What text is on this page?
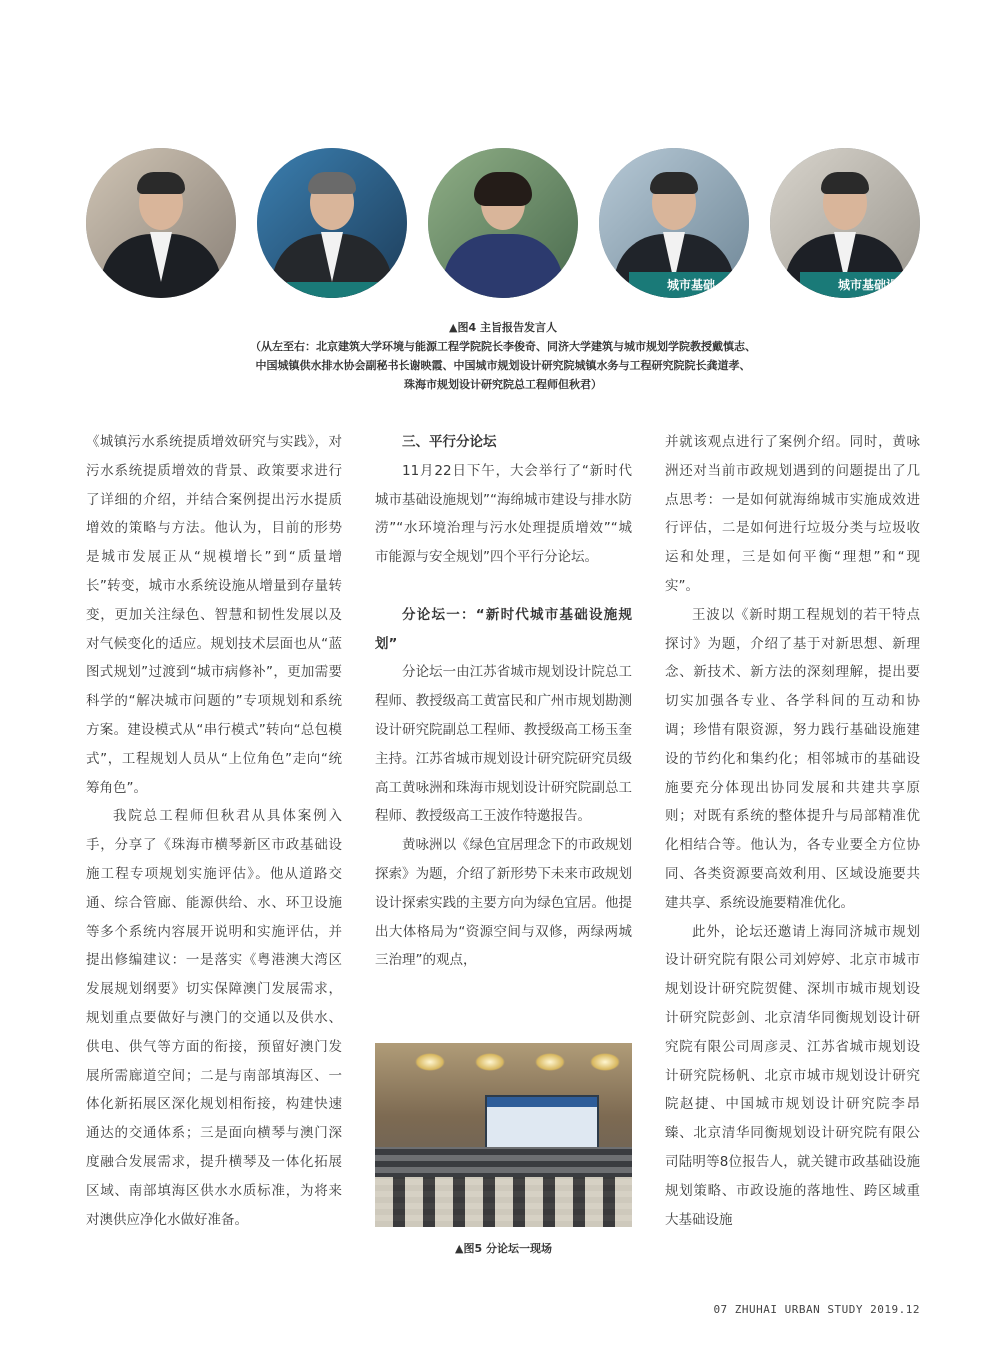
城市基础	城市基础设施
▲图4 主旨报告发言人
（从左至右：北京建筑大学环境与能源工程学院院长李俊奇、同济大学建筑与城市规划学院教授戴慎志、
中国城镇供水排水协会副秘书长谢映霞、中国城市规划设计研究院城镇水务与工程研究院院长龚道孝、
珠海市规划设计研究院总工程师但秋君）

《城镇污水系统提质增效研究与实践》，对污水系统提质增效的背景、政策要求进行了详细的介绍，并结合案例提出污水提质增效的策略与方法。他认为，目前的形势是城市发展正从“规模增长”到“质量增长”转变，城市水系统设施从增量到存量转变，更加关注绿色、智慧和韧性发展以及对气候变化的适应。规划技术层面也从“蓝图式规划”过渡到“城市病修补”，更加需要科学的“解决城市问题的”专项规划和系统方案。建设模式从“串行模式”转向“总包模式”，工程规划人员从“上位角色”走向“统筹角色”。

我院总工程师但秋君从具体案例入手，分享了《珠海市横琴新区市政基础设施工程专项规划实施评估》。他从道路交通、综合管廊、能源供给、水、环卫设施等多个系统内容展开说明和实施评估，并提出修编建议：一是落实《粤港澳大湾区发展规划纲要》切实保障澳门发展需求，规划重点要做好与澳门的交通以及供水、供电、供气等方面的衔接，预留好澳门发展所需廊道空间；二是与南部填海区、一体化新拓展区深化规划相衔接，构建快速通达的交通体系；三是面向横琴与澳门深度融合发展需求，提升横琴及一体化拓展区域、南部填海区供水水质标准，为将来对澳供应净化水做好准备。

三、平行分论坛

11月22日下午，大会举行了“新时代城市基础设施规划”“海绵城市建设与排水防涝”“水环境治理与污水处理提质增效”“城市能源与安全规划”四个平行分论坛。

分论坛一：“新时代城市基础设施规划”

分论坛一由江苏省城市规划设计院总工程师、教授级高工黄富民和广州市规划勘测设计研究院副总工程师、教授级高工杨玉奎主持。江苏省城市规划设计研究院研究员级高工黄咏洲和珠海市规划设计研究院副总工程师、教授级高工王波作特邀报告。

黄咏洲以《绿色宜居理念下的市政规划探索》为题，介绍了新形势下未来市政规划设计探索实践的主要方向为绿色宜居。他提出大体格局为“资源空间与双修，两绿两城三治理”的观点，

▲图5 分论坛一现场

并就该观点进行了案例介绍。同时，黄咏洲还对当前市政规划遇到的问题提出了几点思考：一是如何就海绵城市实施成效进行评估，二是如何进行垃圾分类与垃圾收运和处理，三是如何平衡“理想”和“现实”。

王波以《新时期工程规划的若干特点探讨》为题，介绍了基于对新思想、新理念、新技术、新方法的深刻理解，提出要切实加强各专业、各学科间的互动和协调；珍惜有限资源，努力践行基础设施建设的节约化和集约化；相邻城市的基础设施要充分体现出协同发展和共建共享原则；对既有系统的整体提升与局部精准优化相结合等。他认为，各专业要全方位协同、各类资源要高效利用、区域设施要共建共享、系统设施要精准优化。

此外，论坛还邀请上海同济城市规划设计研究院有限公司刘婷婷、北京市城市规划设计研究院贺健、深圳市城市规划设计研究院彭剑、北京清华同衡规划设计研究院有限公司周彦灵、江苏省城市规划设计研究院杨帆、北京市城市规划设计研究院赵捷、中国城市规划设计研究院李昂臻、北京清华同衡规划设计研究院有限公司陆明等8位报告人，就关键市政基础设施规划策略、市政设施的落地性、跨区域重大基础设施

07 ZHUHAI URBAN STUDY 2019.12
